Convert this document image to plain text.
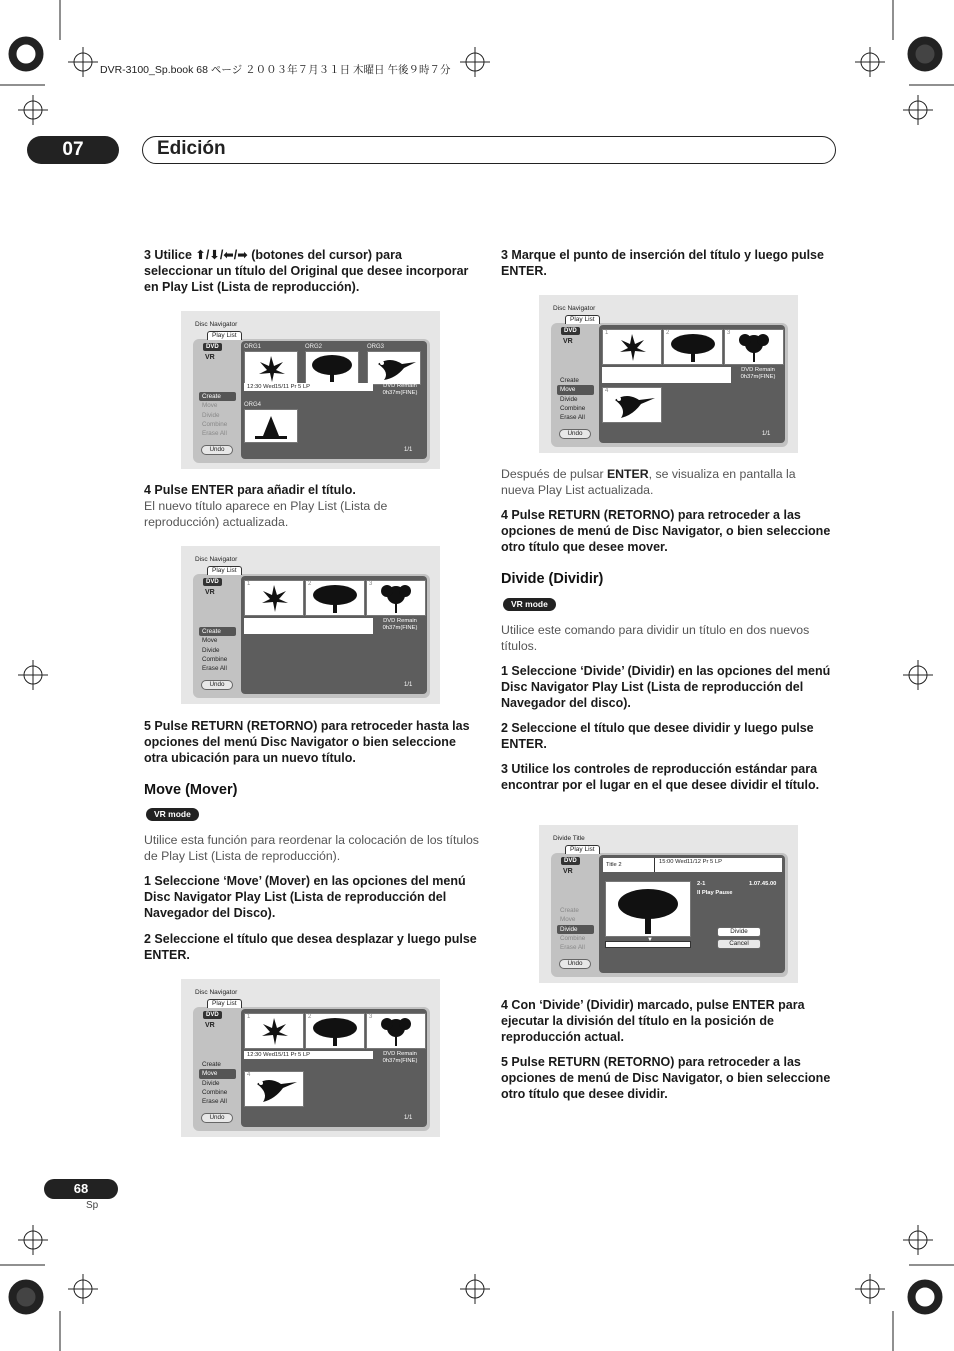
DVR-3100_Sp.book 68 ページ ２００３年７月３１日 木曜日 午後９時７分
07	Edición
3 Utilice ⬆/⬇/⬅/➡ (botones del cursor) para seleccionar un título del Original que desee incorporar en Play List (Lista de reproducción).
Disc Navigator
Play List
DVD
VR
Create
Move
Divide
Combine
Erase All
Undo
ORG1	ORG2	ORG3
12:30 Wed15/11 Pr 5 LP	DVD Remain
0h37m(FINE)
ORG4
1/1
4 Pulse ENTER para añadir el título.
El nuevo título aparece en Play List (Lista de reproducción) actualizada.
Disc Navigator
Play List
DVD
VR
Create
Move
Divide
Combine
Erase All
Undo
1	2	3
DVD Remain
0h37m(FINE)
1/1
5 Pulse RETURN (RETORNO) para retroceder hasta las opciones del menú Disc Navigator o bien seleccione otra ubicación para un nuevo título.
Move (Mover)
VR mode
Utilice esta función para reordenar la colocación de los títulos de Play List (Lista de reproducción).
1 Seleccione ‘Move’ (Mover) en las opciones del menú Disc Navigator Play List (Lista de reproducción del Navegador del Disco).
2 Seleccione el título que desea desplazar y luego pulse ENTER.
Disc Navigator
Play List
DVD
VR
Create
Move
Divide
Combine
Erase All
Undo
1	2	3
12:30 Wed15/11 Pr 5 LP	DVD Remain
0h37m(FINE)
4
1/1
3 Marque el punto de inserción del título y luego pulse ENTER.
Disc Navigator
Play List
DVD
VR
Create
Move
Divide
Combine
Erase All
Undo
1	2	3
DVD Remain
0h37m(FINE)
4
1/1
Después de pulsar ENTER, se visualiza en pantalla la nueva Play List actualizada.
4 Pulse RETURN (RETORNO) para retroceder a las opciones de menú de Disc Navigator, o bien seleccione otro título que desee mover.
Divide (Dividir)
VR mode
Utilice este comando para dividir un título en dos nuevos títulos.
1 Seleccione ‘Divide’ (Dividir) en las opciones del menú Disc Navigator Play List (Lista de reproducción del Navegador del disco).
2 Seleccione el título que desee dividir y luego pulse ENTER.
3 Utilice los controles de reproducción estándar para encontrar por el lugar en el que desee dividir el título.
Divide Title
Play List
DVD
VR
Create
Move
Divide
Combine
Erase All
Undo
Title 2	15:00 Wed11/12 Pr 5 LP
▼
2-1	1.07.45.00
II Play Pause
Divide
Cancel
4 Con ‘Divide’ (Dividir) marcado, pulse ENTER para ejecutar la división del título en la posición de reproducción actual.
5 Pulse RETURN (RETORNO) para retroceder a las opciones de menú de Disc Navigator, o bien seleccione otro título que desee dividir.
68
Sp
